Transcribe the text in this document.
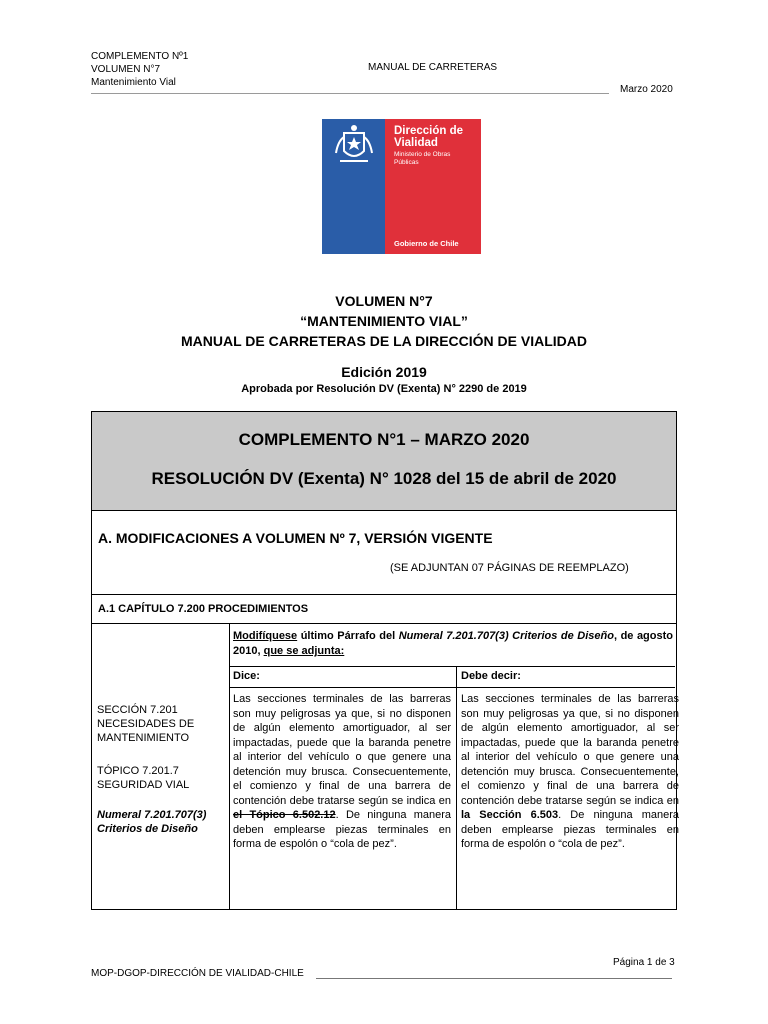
COMPLEMENTO Nº1
VOLUMEN N°7
Mantenimiento Vial
MANUAL DE CARRETERAS
Marzo 2020
Dirección de
Vialidad
Ministerio de Obras
Públicas
Gobierno de Chile
VOLUMEN N°7
“MANTENIMIENTO VIAL”
MANUAL DE CARRETERAS DE LA DIRECCIÓN DE VIALIDAD
Edición 2019
Aprobada por Resolución DV (Exenta) N° 2290 de 2019
COMPLEMENTO N°1 – MARZO 2020
RESOLUCIÓN DV (Exenta) N° 1028 del 15 de abril de 2020
A. MODIFICACIONES A VOLUMEN Nº 7, VERSIÓN VIGENTE
(SE ADJUNTAN 07 PÁGINAS DE REEMPLAZO)
A.1 CAPÍTULO 7.200 PROCEDIMIENTOS
SECCIÓN 7.201
NECESIDADES DE
MANTENIMIENTO
TÓPICO 7.201.7
SEGURIDAD VIAL
Numeral 7.201.707(3)
Criterios de Diseño
Modifíquese último Párrafo del Numeral 7.201.707(3) Criterios de Diseño, de agosto 2010, que se adjunta:
Dice:	Debe decir:
Las secciones terminales de las barreras son muy peligrosas ya que, si no disponen de algún elemento amortiguador, al ser impactadas, puede que la baranda penetre al interior del vehículo o que genere una detención muy brusca. Consecuentemente, el comienzo y final de una barrera de contención debe tratarse según se indica en el Tópico 6.502.12. De ninguna manera deben emplearse piezas terminales en forma de espolón o “cola de pez”.
Las secciones terminales de las barreras son muy peligrosas ya que, si no disponen de algún elemento amortiguador, al ser impactadas, puede que la baranda penetre al interior del vehículo o que genere una detención muy brusca. Consecuentemente, el comienzo y final de una barrera de contención debe tratarse según se indica en la Sección 6.503. De ninguna manera deben emplearse piezas terminales en forma de espolón o “cola de pez”.
Página 1 de 3
MOP-DGOP-DIRECCIÓN DE VIALIDAD-CHILE
